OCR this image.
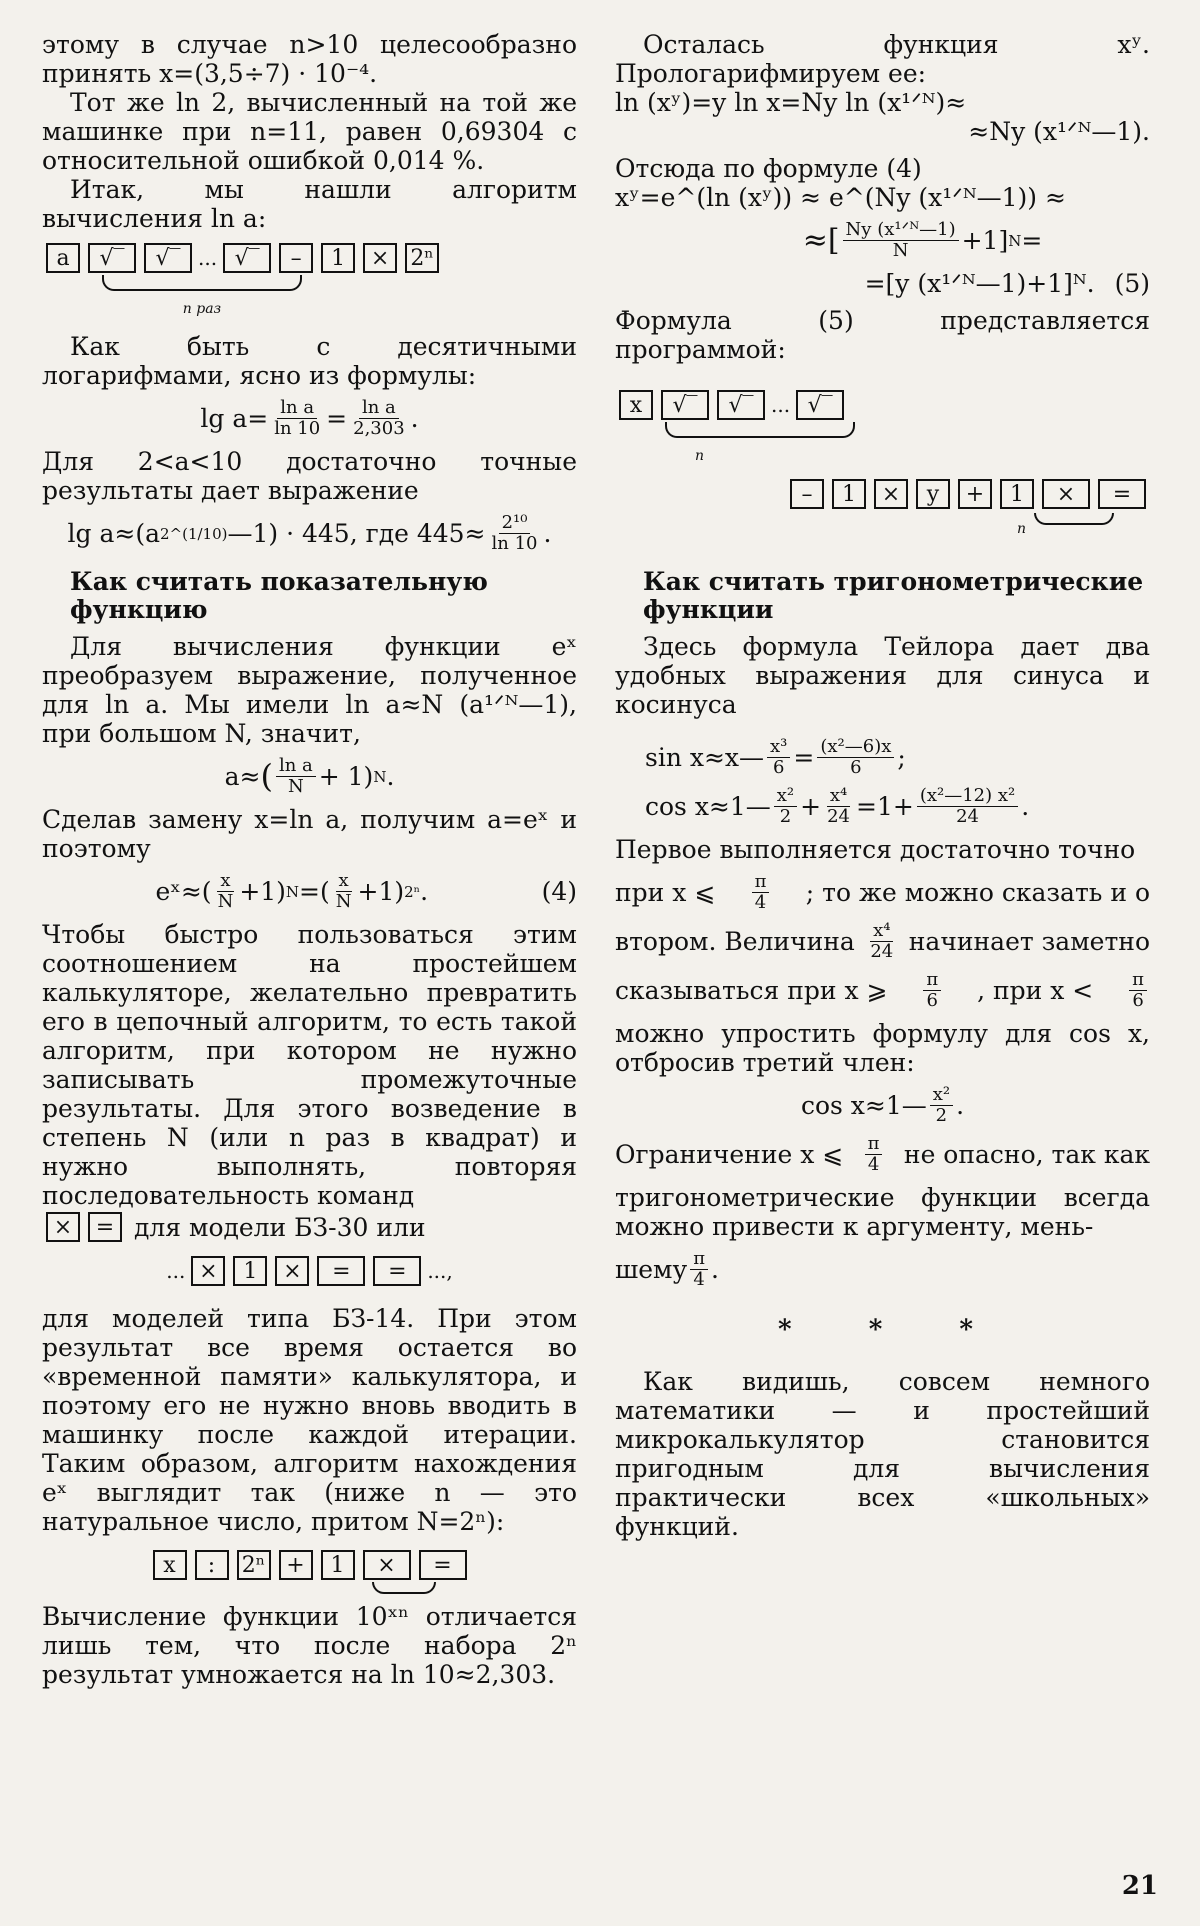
этому в случае n>10 целесообразно принять x=(3,5÷7) · 10⁻⁴.

Тот же ln 2, вычисленный на той же машинке при n=11, равен 0,69304 с относительной ошибкой 0,014 %.

Итак, мы нашли алгоритм вычисления ln a:

a	√‾	√‾ ... √‾	–	1	× 2ⁿ
n раз

Как быть с десятичными логарифмами, ясно из формулы:

$\lg a= \frac{\text{ln a}}{\ln 10} = \frac{\text{ln a}}{2,303}$ .

Для 2<a<10 достаточно точные результаты дает выражение

lg a≈(a 2^(1/10) —1) · 445, где $445\approx \frac{\text{2¹⁰}}{\ln 10}$ .
Как считать показательную функцию

Для вычисления функции eˣ преобразуем выражение, полученное для ln a. Мы имели ln a≈N (a¹ᐟᴺ—1), при большом N, значит,

a≈ ( $\frac{\text{ln a}}{N} + 1$) N .

Сделав замену x=ln a, получим a=eˣ и поэтому

eˣ≈( $\frac{x}{N} +1$) N =( $\frac{x}{N} +1$) 2ⁿ .	(4)

Чтобы быстро пользоваться этим соотношением на простейшем калькуляторе, желательно превратить его в цепочный алгоритм, то есть такой алгоритм, при котором не нужно записывать промежуточные результаты. Для этого возведение в степень N (или n раз в квадрат) и нужно выполнять, повторяя последовательность команд

×	= для модели БЗ-30 или
... ×	1	×	=	=	...,

для моделей типа БЗ-14. При этом результат все время остается во «временной памяти» калькулятора, и поэтому его не нужно вновь вводить в машинку после каждой итерации. Таким образом, алгоритм нахождения eˣ выглядит так (ниже n — это натуральное число, притом N=2ⁿ):

x	:	2ⁿ +	1	×	=

Вычисление функции 10ˣⁿ отличается лишь тем, что после набора 2ⁿ результат умножается на ln 10≈2,303.

Осталась функция xʸ. Прологарифмируем ее:

ln (xʸ)=y ln x=Ny ln (x¹ᐟᴺ)≈

≈Ny (x¹ᐟᴺ—1).

Отсюда по формуле (4)

xʸ=e^(ln (xʸ)) ≈ e^(Ny (x¹ᐟᴺ—1)) ≈

≈[ $\frac{\text{Ny (x¹ᐟᴺ—1)}}{N} +1$] N =
=[y (x¹ᐟᴺ—1)+1]ᴺ. (5)

Формула (5) представляется программой:

x	√‾	√‾ ... √‾
n
–	1	×	y	+	1	×	=
n
Как считать тригонометрические функции

Здесь формула Тейлора дает два удобных выражения для синуса и косинуса

sin x≈x— $\frac{\text{x³}}{6} = \frac{\text{(x²—6)x}}{6}$ ;
cos x≈1— $\frac{\text{x²}}{2} + \frac{\text{x⁴}}{24} =1+ \frac{\text{(x²—12) x²}}{24}$ .

Первое выполняется достаточно точно

при x ⩽ $\frac{\pi}{4}$ ; то же можно сказать и о
втором. Величина $\frac{\text{x⁴}}{24}$ начинает заметно
сказываться при x ⩾ $\frac{\pi}{6}$ , при $x < \frac{\pi}{6}$

можно упростить формулу для cos x, отбросив третий член:

cos x≈1— $\frac{\text{x²}}{2}$ .
Ограничение x ⩽ $\frac{\pi}{4}$ не опасно, так как

тригонометрические функции всегда можно привести к аргументу, мень-

шему $\frac{\pi}{4}$ .
* * *

Как видишь, совсем немного математики — и простейший микрокалькулятор становится пригодным для вычисления практически всех «школьных» функций.

21
